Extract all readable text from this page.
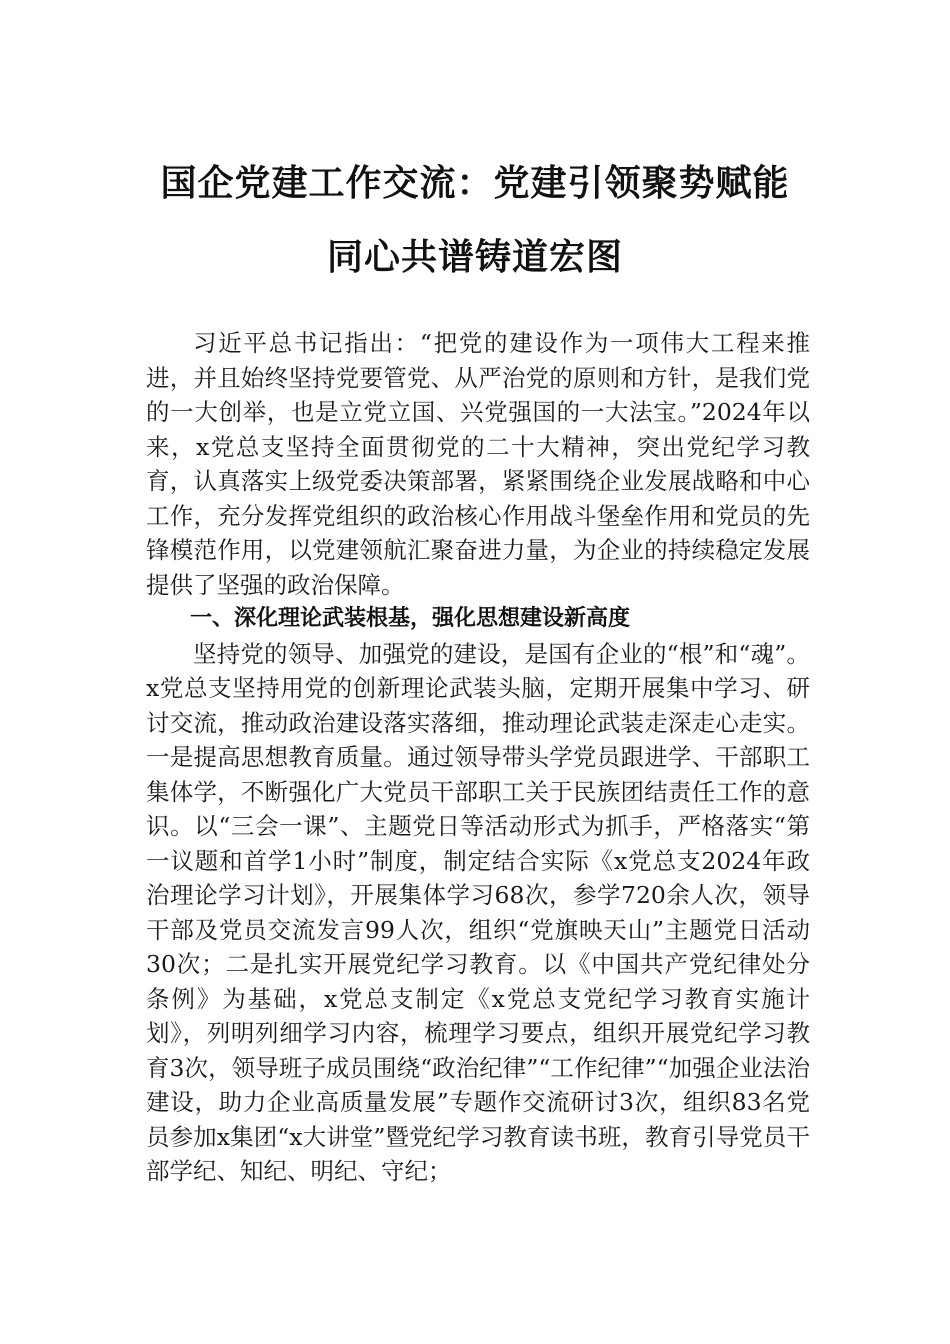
国企党建工作交流：党建引领聚势赋能 同心共谱铸道宏图

习近平总书记指出：“把党的建设作为一项伟大工程来推进，并且始终坚持党要管党、从严治党的原则和方针，是我们党的一大创举，也是立党立国、兴党强国的一大法宝。”2024年以来，x党总支坚持全面贯彻党的二十大精神，突出党纪学习教育，认真落实上级党委决策部署，紧紧围绕企业发展战略和中心工作，充分发挥党组织的政治核心作用战斗堡垒作用和党员的先锋模范作用，以党建领航汇聚奋进力量，为企业的持续稳定发展提供了坚强的政治保障。

一、深化理论武装根基，强化思想建设新高度

坚持党的领导、加强党的建设，是国有企业的“根”和“魂”。x党总支坚持用党的创新理论武装头脑，定期开展集中学习、研讨交流，推动政治建设落实落细，推动理论武装走深走心走实。一是提高思想教育质量。通过领导带头学党员跟进学、干部职工集体学，不断强化广大党员干部职工关于民族团结责任工作的意识。以“三会一课”、主题党日等活动形式为抓手，严格落实“第一议题和首学1小时”制度，制定结合实际《x党总支2024年政治理论学习计划》，开展集体学习68次，参学720余人次，领导干部及党员交流发言99人次，组织“党旗映天山”主题党日活动30次；二是扎实开展党纪学习教育。以《中国共产党纪律处分条例》为基础，x党总支制定《x党总支党纪学习教育实施计划》，列明列细学习内容，梳理学习要点，组织开展党纪学习教育3次，领导班子成员围绕“政治纪律”“工作纪律”“加强企业法治建设，助力企业高质量发展”专题作交流研讨3次，组织83名党员参加x集团“x大讲堂”暨党纪学习教育读书班，教育引导党员干部学纪、知纪、明纪、守纪；
